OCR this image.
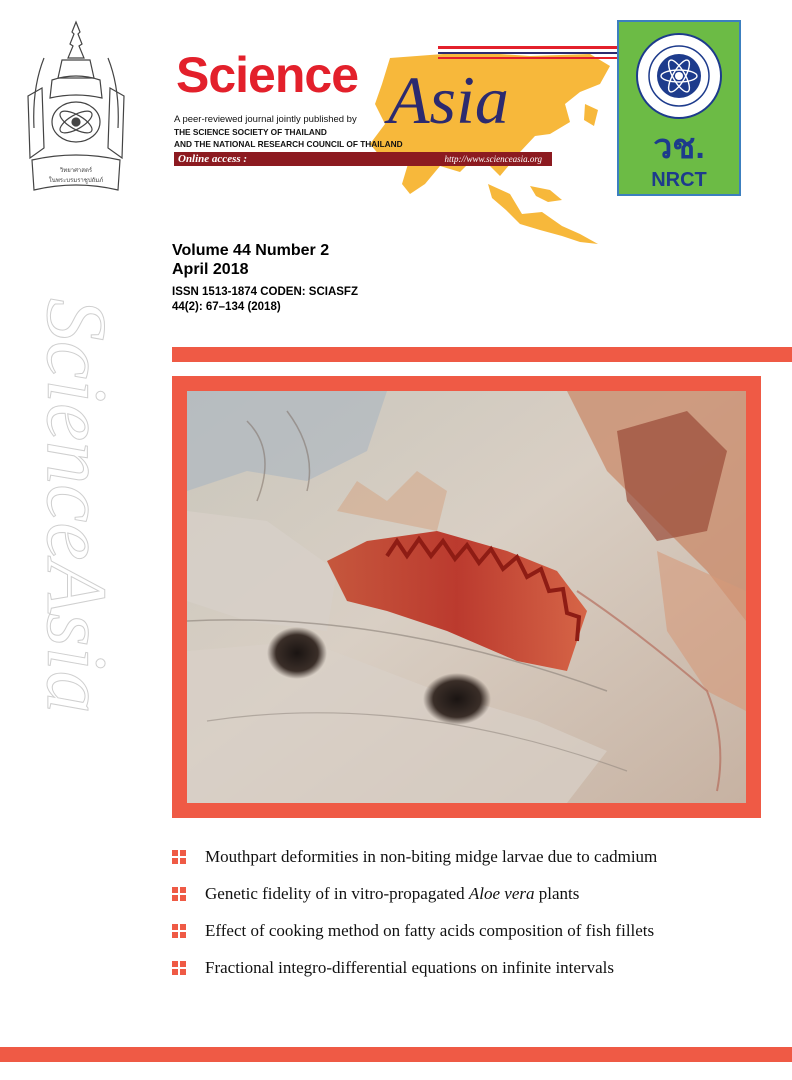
วิทยาศาสตร์
ในพระบรมราชูปถัมภ์
Science Asia
A peer-reviewed journal jointly published by
THE SCIENCE SOCIETY OF THAILAND
AND THE NATIONAL RESEARCH COUNCIL OF THAILAND
Online access :	http://www.scienceasia.org	วช.
NRCT
Volume 44 Number 2
April 2018
ISSN 1513-1874 CODEN: SCIASFZ
44(2): 67–134 (2018)
ScienceAsia
Mouthpart deformities in non-biting midge larvae due to cadmium
Genetic fidelity of in vitro-propagated Aloe vera plants
Effect of cooking method on fatty acids composition of fish fillets
Fractional integro-differential equations on infinite intervals
